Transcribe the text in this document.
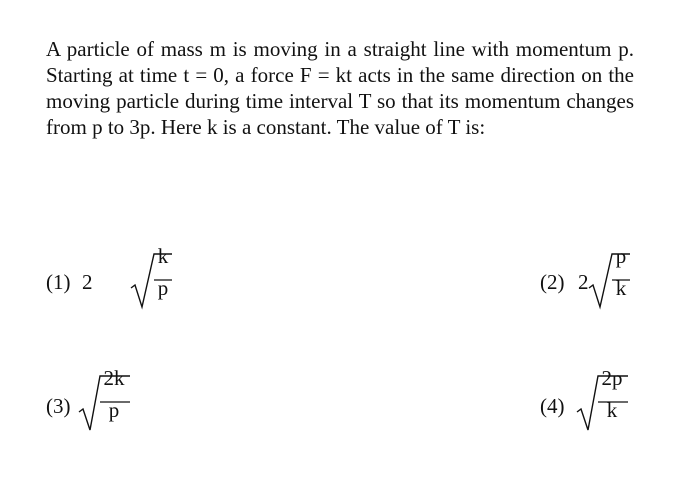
A particle of mass m is moving in a straight line with momentum p. Starting at time t = 0, a force F = kt acts in the same direction on the moving particle during time interval T so that its momentum changes from p to 3p. Here k is a constant. The value of T is:
(1) 2
k
p	(2) 2
p
k
(3)
2k
p	(4)
2p
k
